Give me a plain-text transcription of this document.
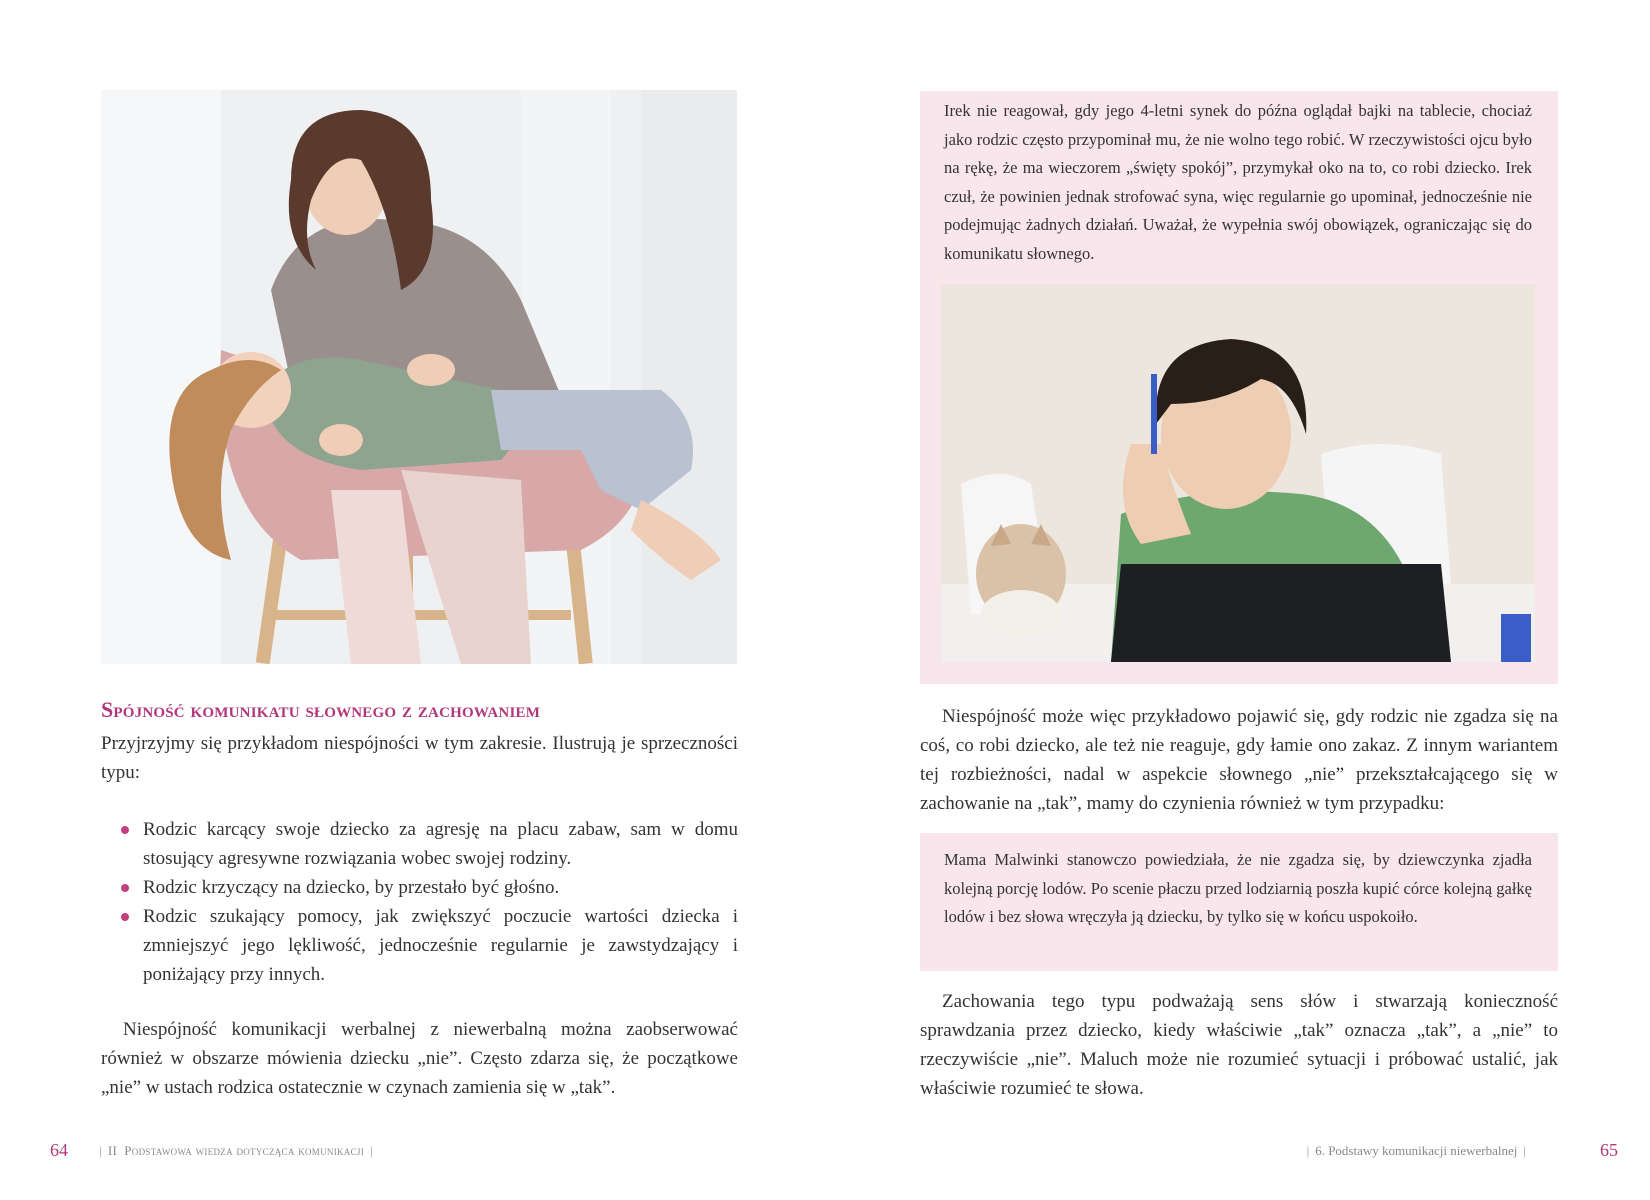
Spójność komunikatu słownego z zachowaniem

Przyjrzyjmy się przykładom niespójności w tym zakresie. Ilustrują je sprzeczności typu:

Rodzic karcący swoje dziecko za agresję na placu zabaw, sam w domu stosujący agresywne rozwiązania wobec swojej rodziny.
Rodzic krzyczący na dziecko, by przestało być głośno.
Rodzic szukający pomocy, jak zwiększyć poczucie wartości dziecka i zmniejszyć jego lękliwość, jednocześnie regularnie je zawstydzający i poniżający przy innych.

Niespójność komunikacji werbalnej z niewerbalną można zaobserwować również w obszarze mówienia dziecku „nie”. Często zdarza się, że początkowe „nie” w ustach rodzica ostatecznie w czynach zamienia się w „tak”.

64	| II Podstawowa wiedza dotycząca komunikacji |

Irek nie reagował, gdy jego 4-letni synek do późna oglądał bajki na tablecie, chociaż jako rodzic często przypominał mu, że nie wolno tego robić. W rzeczywistości ojcu było na rękę, że ma wieczorem „święty spokój”, przymykał oko na to, co robi dziecko. Irek czuł, że powinien jednak strofować syna, więc regularnie go upominał, jednocześnie nie podejmując żadnych działań. Uważał, że wypełnia swój obowiązek, ograniczając się do komunikatu słownego.

Niespójność może więc przykładowo pojawić się, gdy rodzic nie zgadza się na coś, co robi dziecko, ale też nie reaguje, gdy łamie ono zakaz. Z innym wariantem tej rozbieżności, nadal w aspekcie słownego „nie” przekształcającego się w zachowanie na „tak”, mamy do czynienia również w tym przypadku:

Mama Malwinki stanowczo powiedziała, że nie zgadza się, by dziewczynka zjadła kolejną porcję lodów. Po scenie płaczu przed lodziarnią poszła kupić córce kolejną gałkę lodów i bez słowa wręczyła ją dziecku, by tylko się w końcu uspokoiło.

Zachowania tego typu podważają sens słów i stwarzają konieczność sprawdzania przez dziecko, kiedy właściwie „tak” oznacza „tak”, a „nie” to rzeczywiście „nie”. Maluch może nie rozumieć sytuacji i próbować ustalić, jak właściwie rozumieć te słowa.

| 6. Podstawy komunikacji niewerbalnej |	65
